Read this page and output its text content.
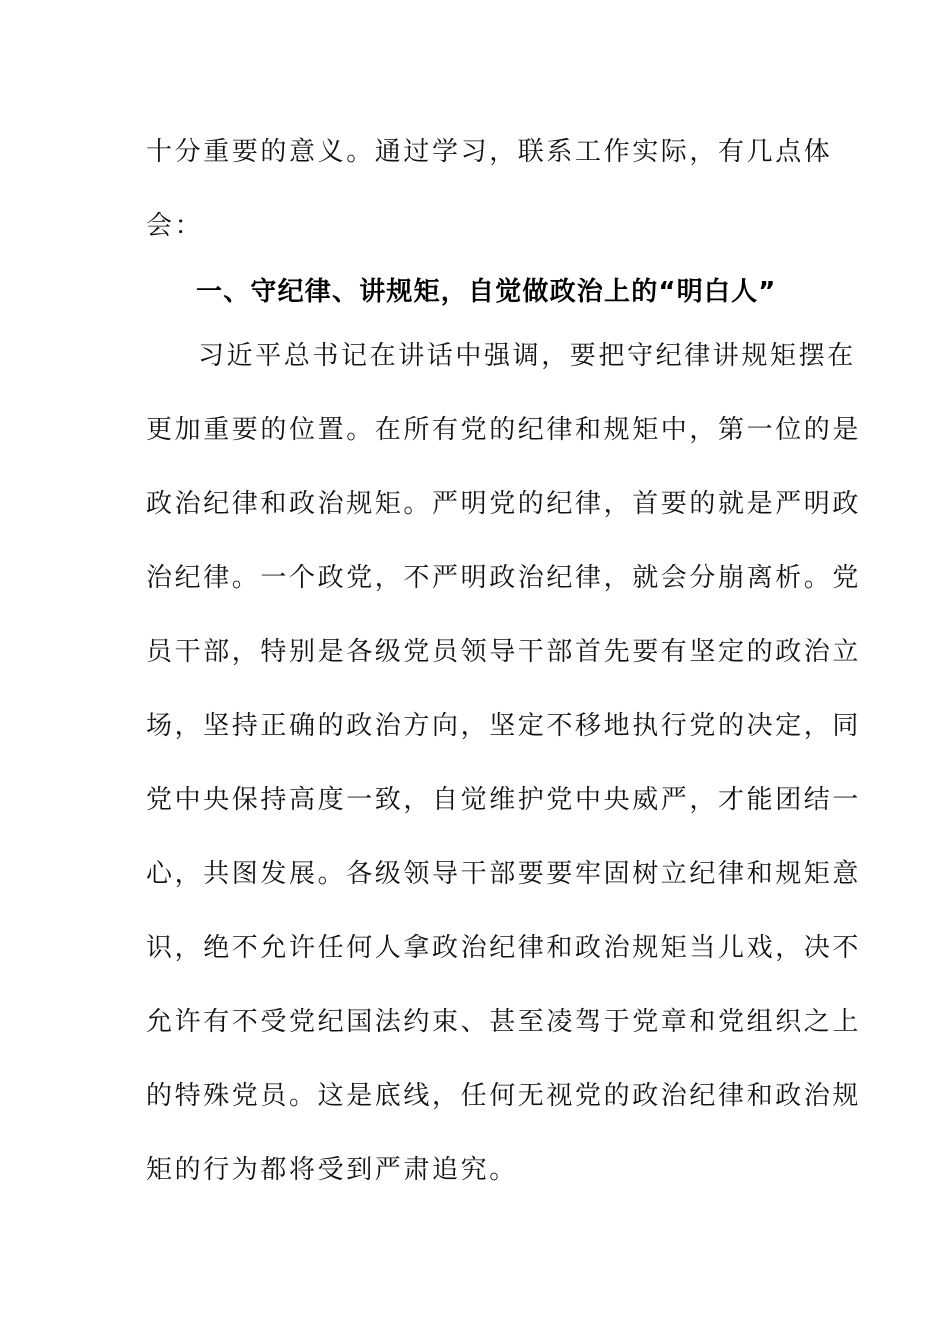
十分重要的意义。通过学习，联系工作实际，有几点体
会：
一、守纪律、讲规矩，自觉做政治上的“明白人”
习近平总书记在讲话中强调，要把守纪律讲规矩摆在
更加重要的位置。在所有党的纪律和规矩中，第一位的是
政治纪律和政治规矩。严明党的纪律，首要的就是严明政
治纪律。一个政党，不严明政治纪律，就会分崩离析。党
员干部，特别是各级党员领导干部首先要有坚定的政治立
场，坚持正确的政治方向，坚定不移地执行党的决定，同
党中央保持高度一致，自觉维护党中央威严，才能团结一
心，共图发展。各级领导干部要要牢固树立纪律和规矩意
识，绝不允许任何人拿政治纪律和政治规矩当儿戏，决不
允许有不受党纪国法约束、甚至凌驾于党章和党组织之上
的特殊党员。这是底线，任何无视党的政治纪律和政治规
矩的行为都将受到严肃追究。
